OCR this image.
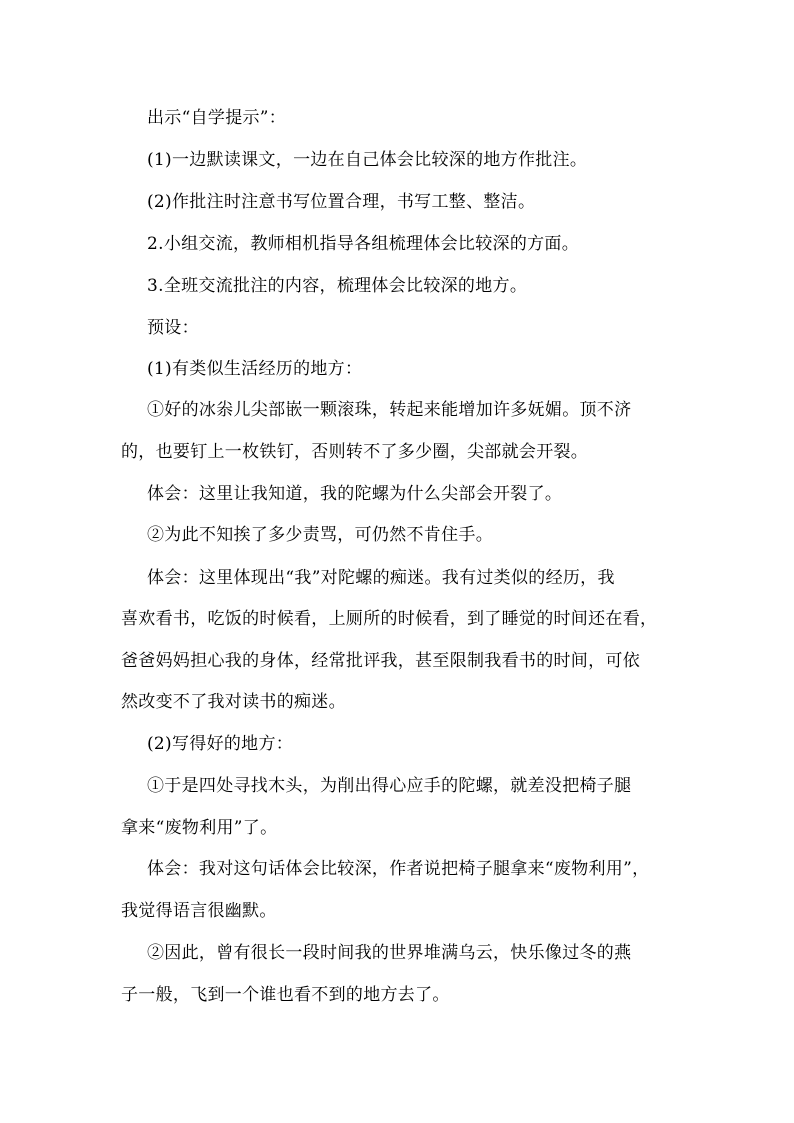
出示“自学提示”：
(1)一边默读课文，一边在自己体会比较深的地方作批注。
(2)作批注时注意书写位置合理，书写工整、整洁。
2.小组交流，教师相机指导各组梳理体会比较深的方面。
3.全班交流批注的内容，梳理体会比较深的地方。
预设：
(1)有类似生活经历的地方：
①好的冰尜儿尖部嵌一颗滚珠，转起来能增加许多妩媚。顶不济
的，也要钉上一枚铁钉，否则转不了多少圈，尖部就会开裂。
体会：这里让我知道，我的陀螺为什么尖部会开裂了。
②为此不知挨了多少责骂，可仍然不肯住手。
体会：这里体现出“我”对陀螺的痴迷。我有过类似的经历，我
喜欢看书，吃饭的时候看，上厕所的时候看，到了睡觉的时间还在看，
爸爸妈妈担心我的身体，经常批评我，甚至限制我看书的时间，可依
然改变不了我对读书的痴迷。
(2)写得好的地方：
①于是四处寻找木头，为削出得心应手的陀螺，就差没把椅子腿
拿来“废物利用”了。
体会：我对这句话体会比较深，作者说把椅子腿拿来“废物利用”，
我觉得语言很幽默。
②因此，曾有很长一段时间我的世界堆满乌云，快乐像过冬的燕
子一般，飞到一个谁也看不到的地方去了。
